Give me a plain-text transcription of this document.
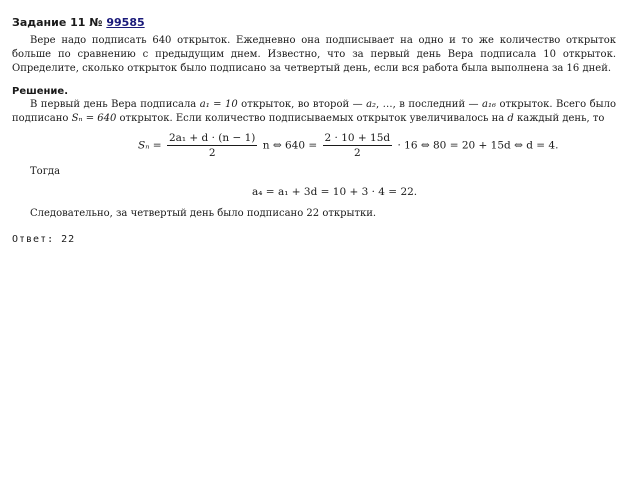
Задание 11 № 99585
Вере надо подписать 640 открыток. Ежедневно она подписывает на одно и то же количество открыток больше по сравнению с предыдущим днем. Известно, что за первый день Вера подписала 10 открыток. Определите, сколько открыток было подписано за четвертый день, если вся работа была выполнена за 16 дней.
Решение.
В первый день Вера подписала a₁ = 10 открыток, во второй — a₂, …, в последний — a₁₆ открыток. Всего было подписано Sₙ = 640 открыток. Если количество подписываемых открыток увеличивалось на d каждый день, то
$S_n = \frac{\text{2a₁ + d · (n − 1)}}{2}$ n ⇔ $640 = \frac{2 \cdot 10 + 15d}{2} \cdot 16$ ⇔ 80 = 20 + 15d ⇔ d = 4.
Тогда
a₄ = a₁ + 3d = 10 + 3 · 4 = 22.
Следовательно, за четвертый день было подписано 22 открытки.
Ответ: 22
